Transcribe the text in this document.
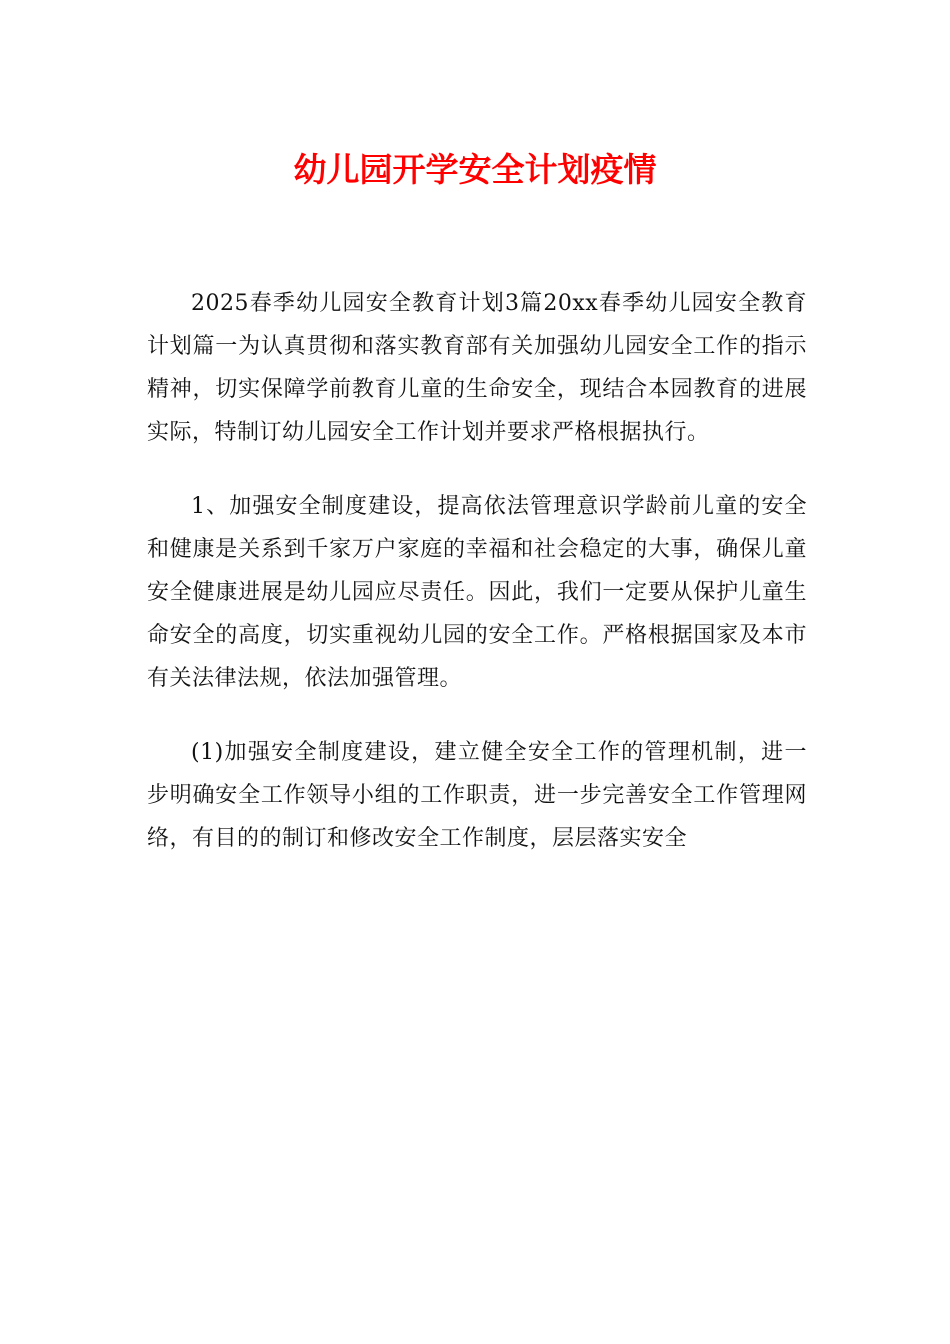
幼儿园开学安全计划疫情

2025春季幼儿园安全教育计划3篇20xx春季幼儿园安全教育计划篇一为认真贯彻和落实教育部有关加强幼儿园安全工作的指示精神，切实保障学前教育儿童的生命安全，现结合本园教育的进展实际，特制订幼儿园安全工作计划并要求严格根据执行。

1、加强安全制度建设，提高依法管理意识学龄前儿童的安全和健康是关系到千家万户家庭的幸福和社会稳定的大事，确保儿童安全健康进展是幼儿园应尽责任。因此，我们一定要从保护儿童生命安全的高度，切实重视幼儿园的安全工作。严格根据国家及本市有关法律法规，依法加强管理。

(1)加强安全制度建设，建立健全安全工作的管理机制，进一步明确安全工作领导小组的工作职责，进一步完善安全工作管理网络，有目的的制订和修改安全工作制度，层层落实安全
